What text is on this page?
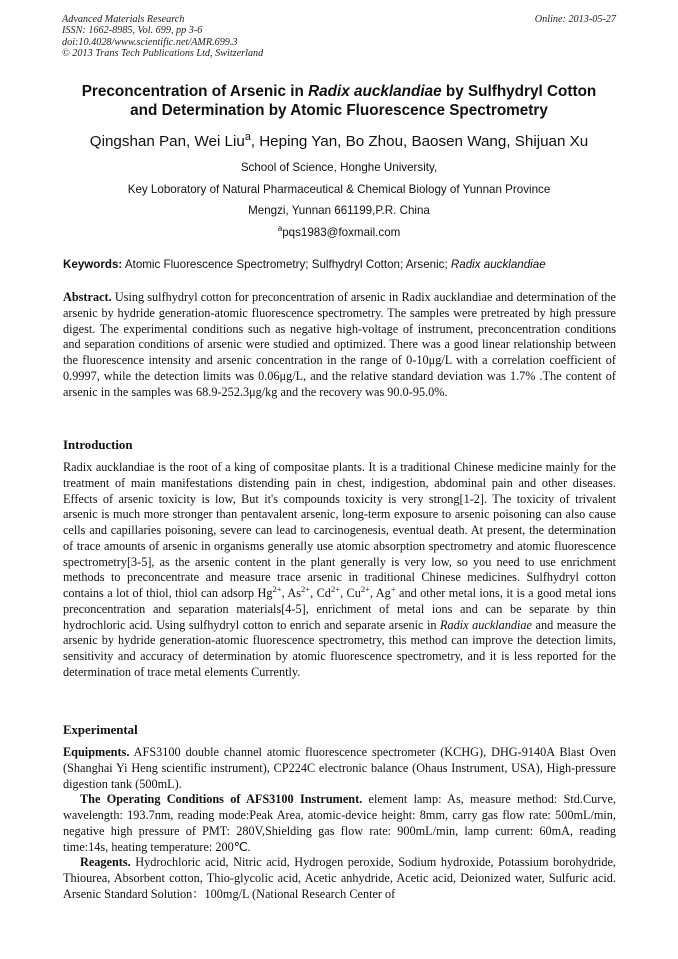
Advanced Materials Research
ISSN: 1662-8985, Vol. 699, pp 3-6
doi:10.4028/www.scientific.net/AMR.699.3
© 2013 Trans Tech Publications Ltd, Switzerland
Online: 2013-05-27
Preconcentration of Arsenic in Radix aucklandiae by Sulfhydryl Cotton
and Determination by Atomic Fluorescence Spectrometry
Qingshan Pan, Wei Liu$^a$, Heping Yan, Bo Zhou, Baosen Wang, Shijuan Xu
School of Science, Honghe University,
Key Loboratory of Natural Pharmaceutical & Chemical Biology of Yunnan Province
Mengzi, Yunnan 661199,P.R. China
$^a$pqs1983@foxmail.com
Keywords: Atomic Fluorescence Spectrometry; Sulfhydryl Cotton; Arsenic; Radix aucklandiae

Abstract. Using sulfhydryl cotton for preconcentration of arsenic in Radix aucklandiae and determination of the arsenic by hydride generation-atomic fluorescence spectrometry. The samples were pretreated by high pressure digest. The experimental conditions such as negative high-voltage of instrument, preconcentration conditions and separation conditions of arsenic were studied and optimized. There was a good linear relationship between the fluorescence intensity and arsenic concentration in the range of 0-10μg/L with a correlation coefficient of 0.9997, while the detection limits was 0.06μg/L, and the relative standard deviation was 1.7% .The content of arsenic in the samples was 68.9-252.3μg/kg and the recovery was 90.0-95.0%.

Introduction

Radix aucklandiae is the root of a king of compositae plants. It is a traditional Chinese medicine mainly for the treatment of main manifestations distending pain in chest, indigestion, abdominal pain and other diseases. Effects of arsenic toxicity is low, But it's compounds toxicity is very strong[1-2]. The toxicity of trivalent arsenic is much more stronger than pentavalent arsenic, long-term exposure to arsenic poisoning can also cause cells and capillaries poisoning, severe can lead to carcinogenesis, eventual death. At present, the determination of trace amounts of arsenic in organisms generally use atomic absorption spectrometry and atomic fluorescence spectrometry[3-5], as the arsenic content in the plant generally is very low, so you need to use enrichment methods to preconcentrate and measure trace arsenic in traditional Chinese medicines. Sulfhydryl cotton contains a lot of thiol, thiol can adsorp $Hg^{2+}$, $As^{2+}$, $Cd^{2+}$, $Cu^{2+}$, Ag+ and other metal ions, it is a good metal ions preconcentration and separation materials[4-5], enrichment of metal ions and can be separate by thin hydrochloric acid. Using sulfhydryl cotton to enrich and separate arsenic in Radix aucklandiae and measure the arsenic by hydride generation-atomic fluorescence spectrometry, this method can improve the detection limits, sensitivity and accuracy of determination by atomic fluorescence spectrometry, and it is less reported for the determination of trace metal elements Currently.

Experimental

Equipments. AFS3100 double channel atomic fluorescence spectrometer (KCHG), DHG-9140A Blast Oven (Shanghai Yi Heng scientific instrument), CP224C electronic balance (Ohaus Instrument, USA), High-pressure digestion tank (500mL).

The Operating Conditions of AFS3100 Instrument. element lamp: As, measure method: Std.Curve, wavelength: 193.7nm, reading mode:Peak Area, atomic-device height: 8mm, carry gas flow rate: 500mL/min, negative high pressure of PMT: 280V,Shielding gas flow rate: 900mL/min, lamp current: 60mA, reading time:14s, heating temperature: 200℃.

Reagents. Hydrochloric acid, Nitric acid, Hydrogen peroxide, Sodium hydroxide, Potassium borohydride, Thiourea, Absorbent cotton, Thio-glycolic acid, Acetic anhydride, Acetic acid, Deionized water, Sulfuric acid. Arsenic Standard Solution：100mg/L (National Research Center of
